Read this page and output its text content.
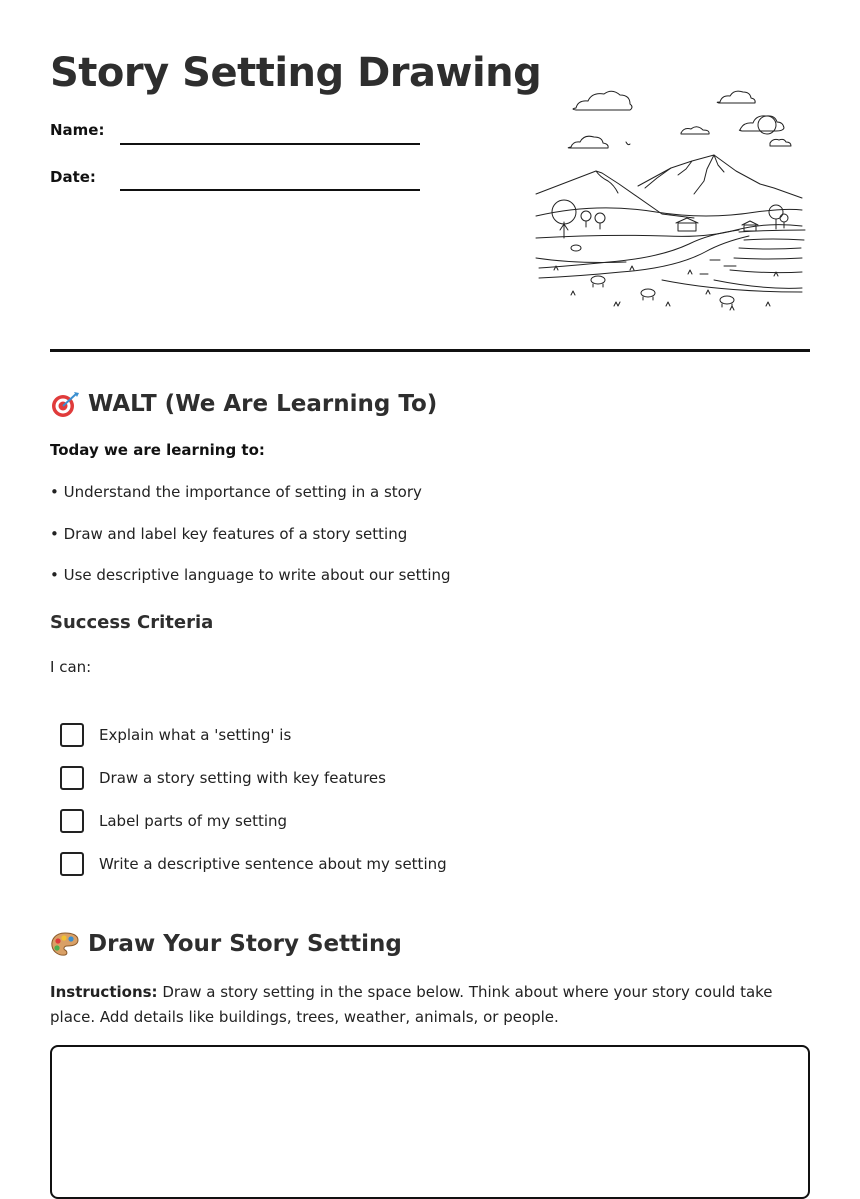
Story Setting Drawing
Name:
Date:
WALT (We Are Learning To)
Today we are learning to:
• Understand the importance of setting in a story
• Draw and label key features of a story setting
• Use descriptive language to write about our setting
Success Criteria
I can:
Explain what a 'setting' is
Draw a story setting with key features
Label parts of my setting
Write a descriptive sentence about my setting
Draw Your Story Setting
Instructions: Draw a story setting in the space below. Think about where your story could take place. Add details like buildings, trees, weather, animals, or people.
